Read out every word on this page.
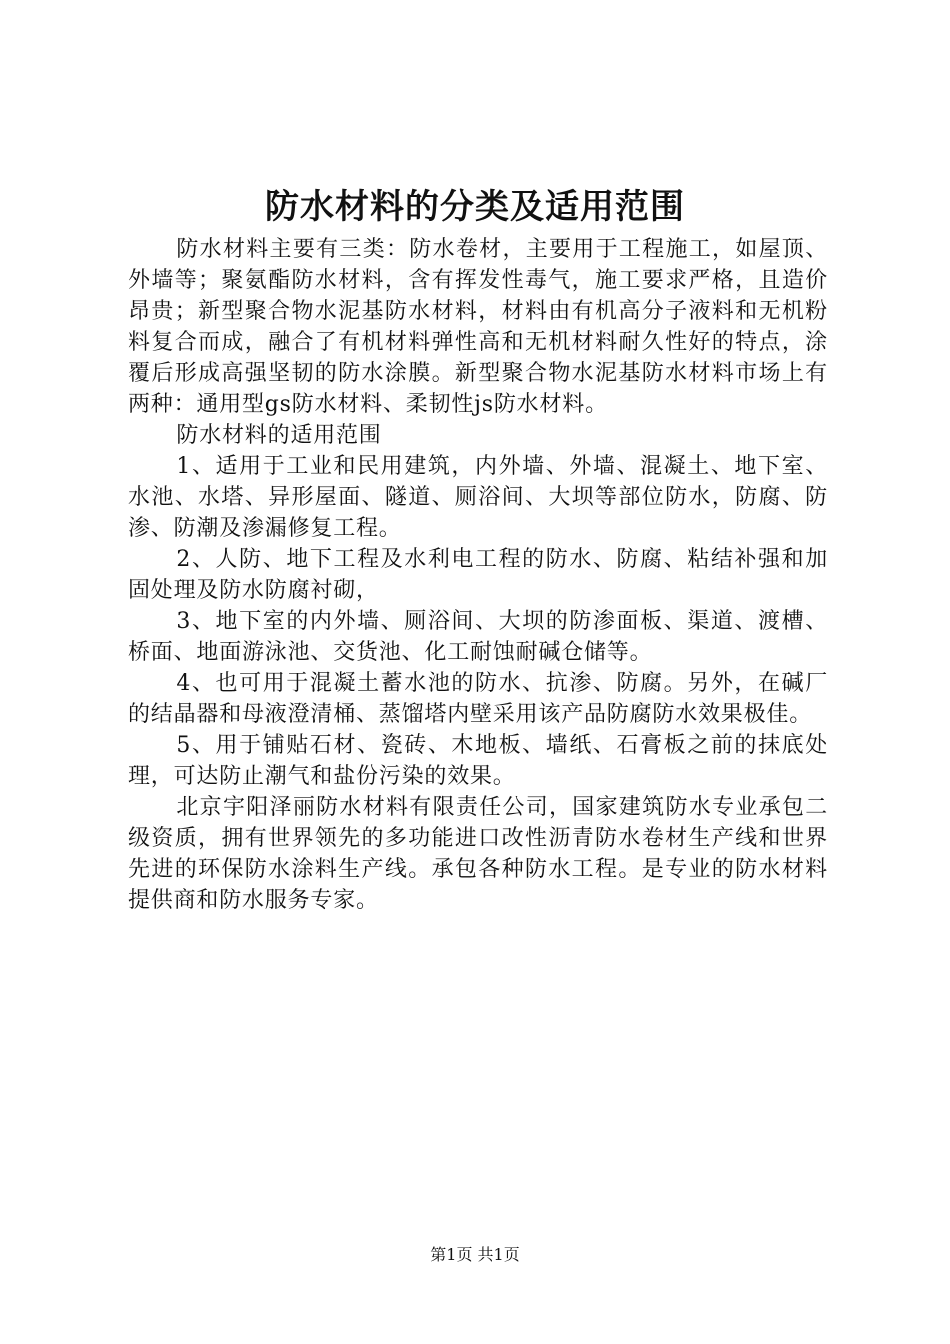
防水材料的分类及适用范围

防水材料主要有三类：防水卷材，主要用于工程施工，如屋顶、外墙等；聚氨酯防水材料，含有挥发性毒气，施工要求严格，且造价昂贵；新型聚合物水泥基防水材料，材料由有机高分子液料和无机粉料复合而成，融合了有机材料弹性高和无机材料耐久性好的特点，涂覆后形成高强坚韧的防水涂膜。新型聚合物水泥基防水材料市场上有两种：通用型gs防水材料、柔韧性js防水材料。

防水材料的适用范围

1、适用于工业和民用建筑，内外墙、外墙、混凝土、地下室、水池、水塔、异形屋面、隧道、厕浴间、大坝等部位防水，防腐、防渗、防潮及渗漏修复工程。

2、人防、地下工程及水利电工程的防水、防腐、粘结补强和加固处理及防水防腐衬砌，

3、地下室的内外墙、厕浴间、大坝的防渗面板、渠道、渡槽、桥面、地面游泳池、交货池、化工耐蚀耐碱仓储等。

4、也可用于混凝土蓄水池的防水、抗渗、防腐。另外，在碱厂的结晶器和母液澄清桶、蒸馏塔内壁采用该产品防腐防水效果极佳。

5、用于铺贴石材、瓷砖、木地板、墙纸、石膏板之前的抹底处理，可达防止潮气和盐份污染的效果。

北京宇阳泽丽防水材料有限责任公司，国家建筑防水专业承包二级资质，拥有世界领先的多功能进口改性沥青防水卷材生产线和世界先进的环保防水涂料生产线。承包各种防水工程。是专业的防水材料提供商和防水服务专家。

第1页 共1页
